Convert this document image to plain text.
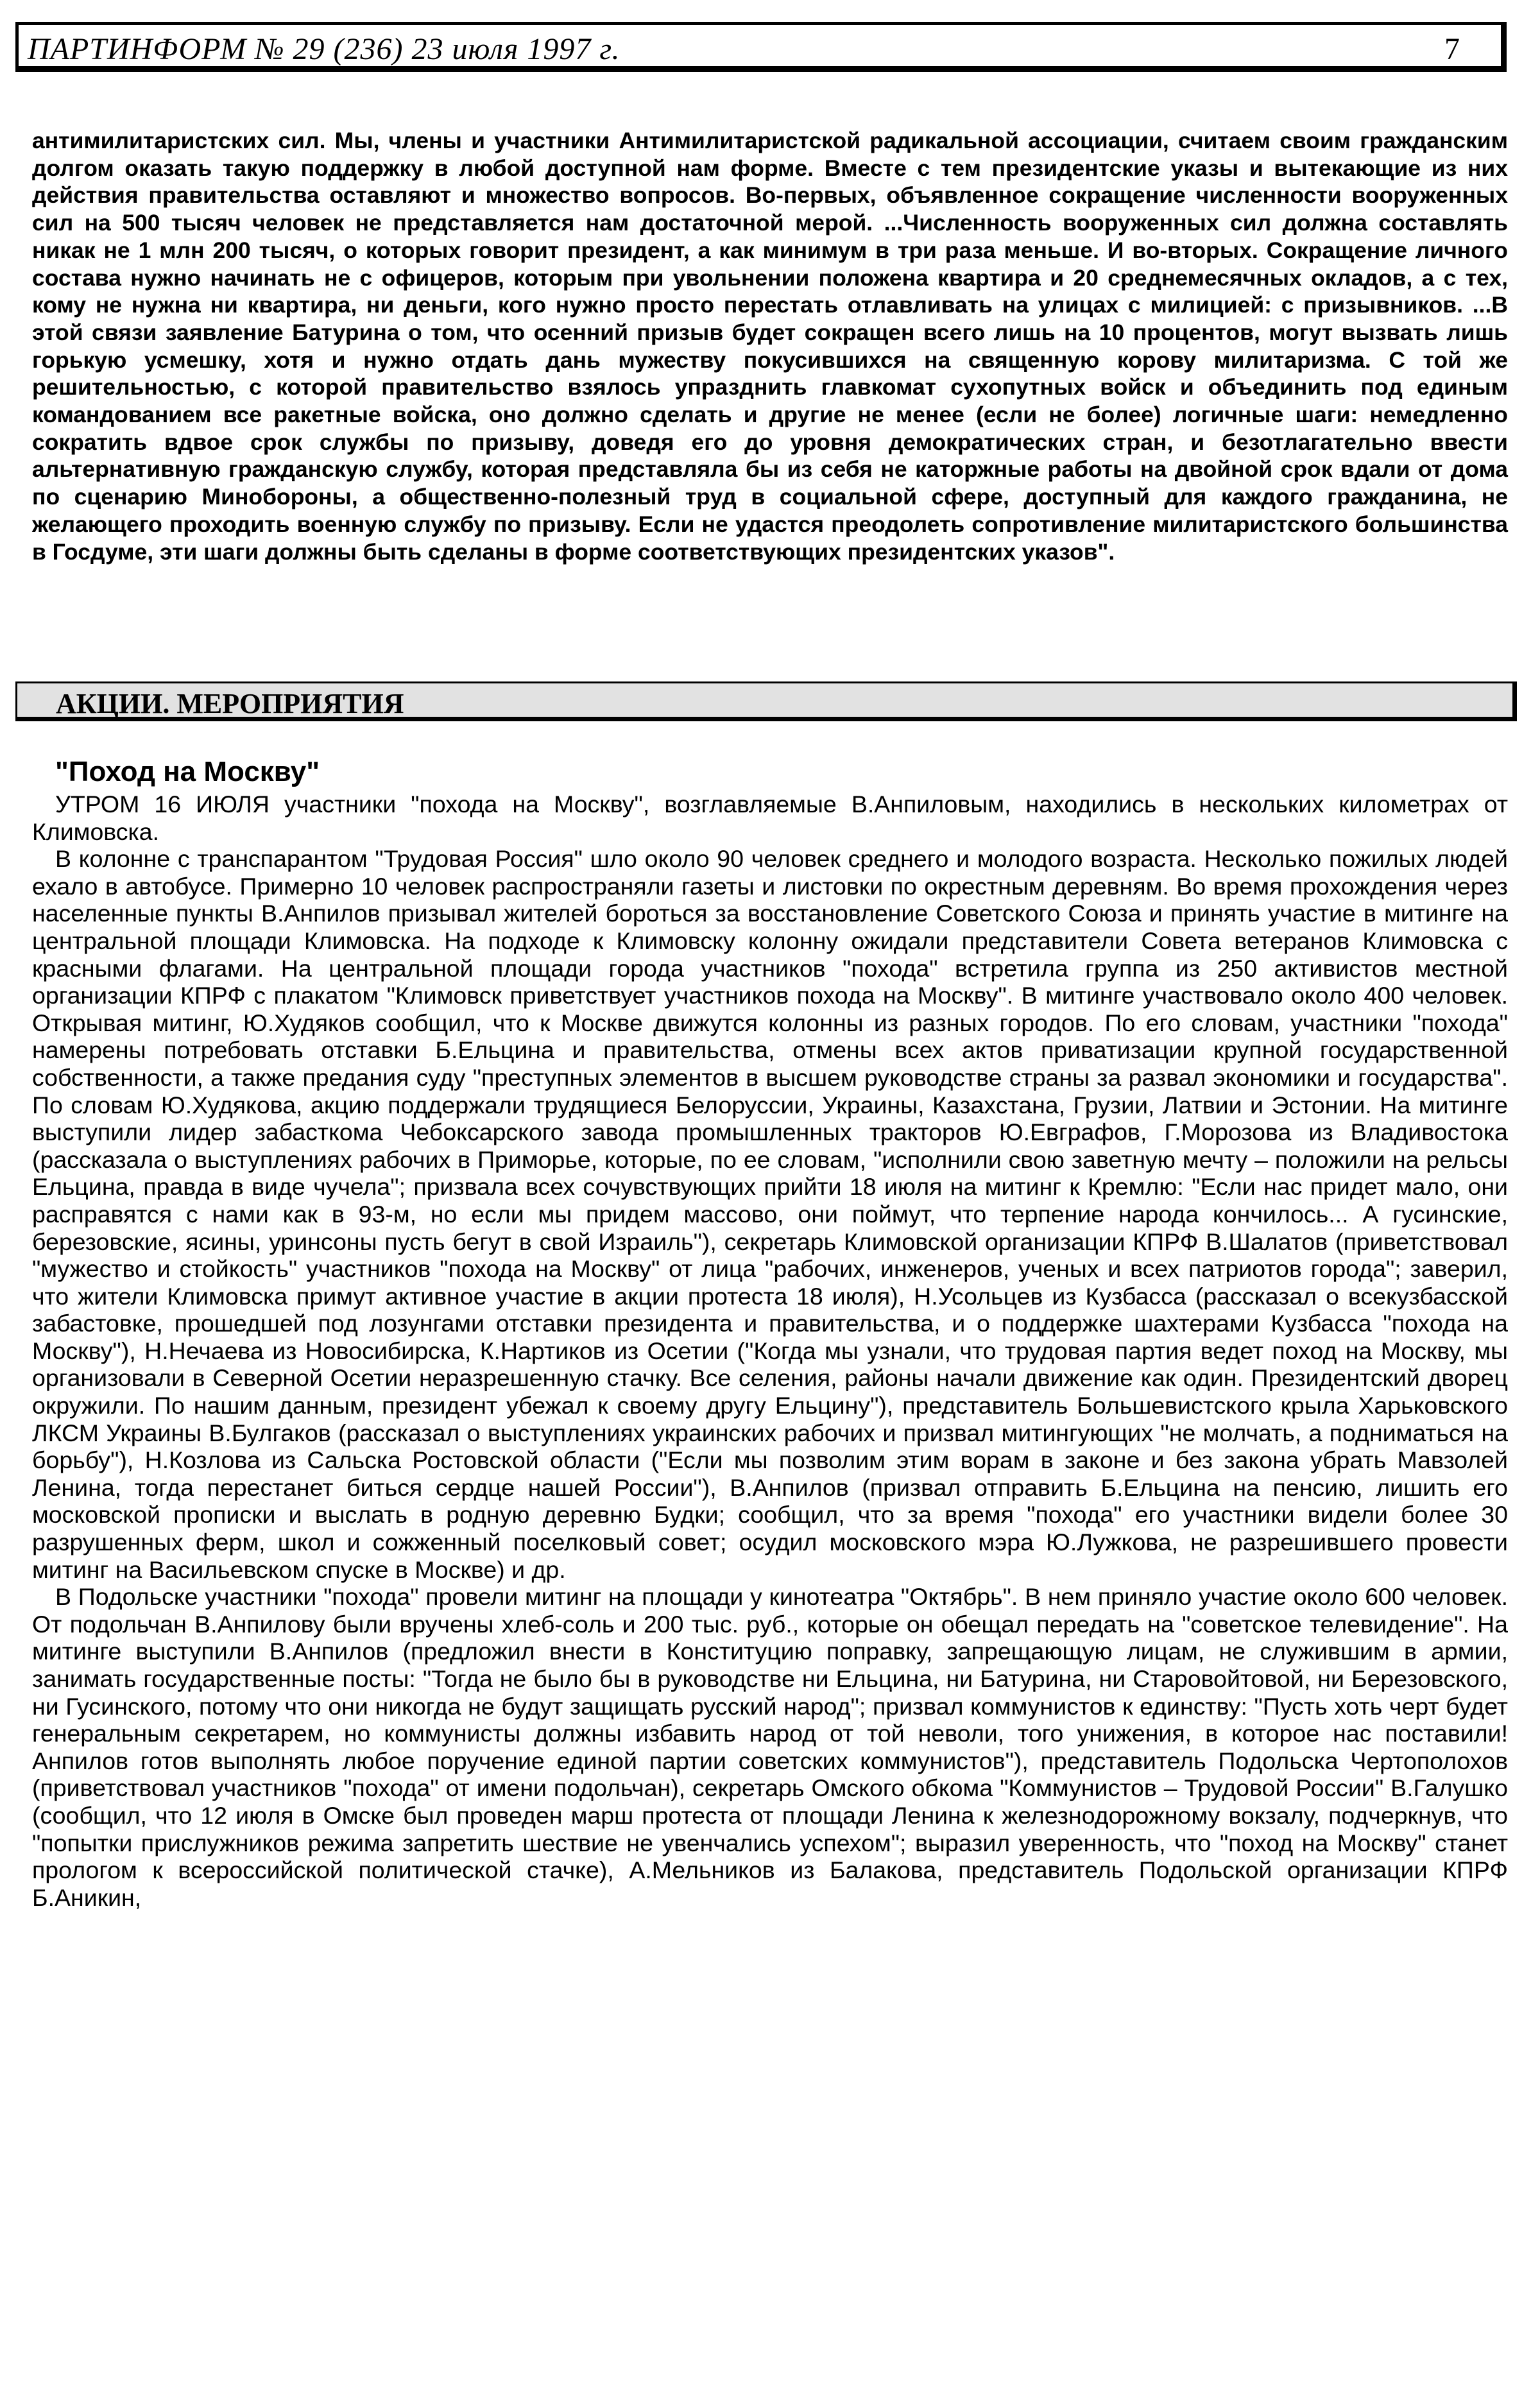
ПАРТИНФОРМ № 29 (236) 23 июля 1997 г.	7

антимилитаристских сил. Мы, члены и участники Антимилитаристской радикальной ассоциации, считаем своим гражданским долгом оказать такую поддержку в любой доступной нам форме. Вместе с тем президентские указы и вытекающие из них действия правительства оставляют и множество вопросов. Во-первых, объявленное сокращение численности вооруженных сил на 500 тысяч человек не представляется нам достаточной мерой. ...Численность вооруженных сил должна составлять никак не 1 млн 200 тысяч, о которых говорит президент, а как минимум в три раза меньше. И во-вторых. Сокращение личного состава нужно начинать не с офицеров, которым при увольнении положена квартира и 20 среднемесячных окладов, а с тех, кому не нужна ни квартира, ни деньги, кого нужно просто перестать отлавливать на улицах с милицией: с призывников. ...В этой связи заявление Батурина о том, что осенний призыв будет сокращен всего лишь на 10 процентов, могут вызвать лишь горькую усмешку, хотя и нужно отдать дань мужеству покусившихся на священную корову милитаризма. С той же решительностью, с которой правительство взялось упразднить главкомат сухопутных войск и объединить под единым командованием все ракетные войска, оно должно сделать и другие не менее (если не более) логичные шаги: немедленно сократить вдвое срок службы по призыву, доведя его до уровня демократических стран, и безотлагательно ввести альтернативную гражданскую службу, которая представляла бы из себя не каторжные работы на двойной срок вдали от дома по сценарию Минобороны, а общественно-полезный труд в социальной сфере, доступный для каждого гражданина, не желающего проходить военную службу по призыву. Если не удастся преодолеть сопротивление милитаристского большинства в Госдуме, эти шаги должны быть сделаны в форме соответствующих президентских указов".

АКЦИИ. МЕРОПРИЯТИЯ
"Поход на Москву"

УТРОМ 16 ИЮЛЯ участники "похода на Москву", возглавляемые В.Анпиловым, находились в нескольких километрах от Климовска.

В колонне с транспарантом "Трудовая Россия" шло около 90 человек среднего и молодого возраста. Несколько пожилых людей ехало в автобусе. Примерно 10 человек распространяли газеты и листовки по окрестным деревням. Во время прохождения через населенные пункты В.Анпилов призывал жителей бороться за восстановление Советского Союза и принять участие в митинге на центральной площади Климовска. На подходе к Климовску колонну ожидали представители Совета ветеранов Климовска с красными флагами. На центральной площади города участников "похода" встретила группа из 250 активистов местной организации КПРФ с плакатом "Климовск приветствует участников похода на Москву". В митинге участвовало около 400 человек. Открывая митинг, Ю.Худяков сообщил, что к Москве движутся колонны из разных городов. По его словам, участники "похода" намерены потребовать отставки Б.Ельцина и правительства, отмены всех актов приватизации крупной государственной собственности, а также предания суду "преступных элементов в высшем руководстве страны за развал экономики и государства". По словам Ю.Худякова, акцию поддержали трудящиеся Белоруссии, Украины, Казахстана, Грузии, Латвии и Эстонии. На митинге выступили лидер забасткома Чебоксарского завода промышленных тракторов Ю.Евграфов, Г.Морозова из Владивостока (рассказала о выступлениях рабочих в Приморье, которые, по ее словам, "исполнили свою заветную мечту – положили на рельсы Ельцина, правда в виде чучела"; призвала всех сочувствующих прийти 18 июля на митинг к Кремлю: "Если нас придет мало, они расправятся с нами как в 93-м, но если мы придем массово, они поймут, что терпение народа кончилось... А гусинские, березовские, ясины, уринсоны пусть бегут в свой Израиль"), секретарь Климовской организации КПРФ В.Шалатов (приветствовал "мужество и стойкость" участников "похода на Москву" от лица "рабочих, инженеров, ученых и всех патриотов города"; заверил, что жители Климовска примут активное участие в акции протеста 18 июля), Н.Усольцев из Кузбасса (рассказал о всекузбасской забастовке, прошедшей под лозунгами отставки президента и правительства, и о поддержке шахтерами Кузбасса "похода на Москву"), Н.Нечаева из Новосибирска, К.Нартиков из Осетии ("Когда мы узнали, что трудовая партия ведет поход на Москву, мы организовали в Северной Осетии неразрешенную стачку. Все селения, районы начали движение как один. Президентский дворец окружили. По нашим данным, президент убежал к своему другу Ельцину"), представитель Большевистского крыла Харьковского ЛКСМ Украины В.Булгаков (рассказал о выступлениях украинских рабочих и призвал митингующих "не молчать, а подниматься на борьбу"), Н.Козлова из Сальска Ростовской области ("Если мы позволим этим ворам в законе и без закона убрать Мавзолей Ленина, тогда перестанет биться сердце нашей России"), В.Анпилов (призвал отправить Б.Ельцина на пенсию, лишить его московской прописки и выслать в родную деревню Будки; сообщил, что за время "похода" его участники видели более 30 разрушенных ферм, школ и сожженный поселковый совет; осудил московского мэра Ю.Лужкова, не разрешившего провести митинг на Васильевском спуске в Москве) и др.

В Подольске участники "похода" провели митинг на площади у кинотеатра "Октябрь". В нем приняло участие около 600 человек. От подольчан В.Анпилову были вручены хлеб-соль и 200 тыс. руб., которые он обещал передать на "советское телевидение". На митинге выступили В.Анпилов (предложил внести в Конституцию поправку, запрещающую лицам, не служившим в армии, занимать государственные посты: "Тогда не было бы в руководстве ни Ельцина, ни Батурина, ни Старовойтовой, ни Березовского, ни Гусинского, потому что они никогда не будут защищать русский народ"; призвал коммунистов к единству: "Пусть хоть черт будет генеральным секретарем, но коммунисты должны избавить народ от той неволи, того унижения, в которое нас поставили! Анпилов готов выполнять любое поручение единой партии советских коммунистов"), представитель Подольска Чертополохов (приветствовал участников "похода" от имени подольчан), секретарь Омского обкома "Коммунистов – Трудовой России" В.Галушко (сообщил, что 12 июля в Омске был проведен марш протеста от площади Ленина к железнодорожному вокзалу, подчеркнув, что "попытки прислужников режима запретить шествие не увенчались успехом"; выразил уверенность, что "поход на Москву" станет прологом к всероссийской политической стачке), А.Мельников из Балакова, представитель Подольской организации КПРФ Б.Аникин,
